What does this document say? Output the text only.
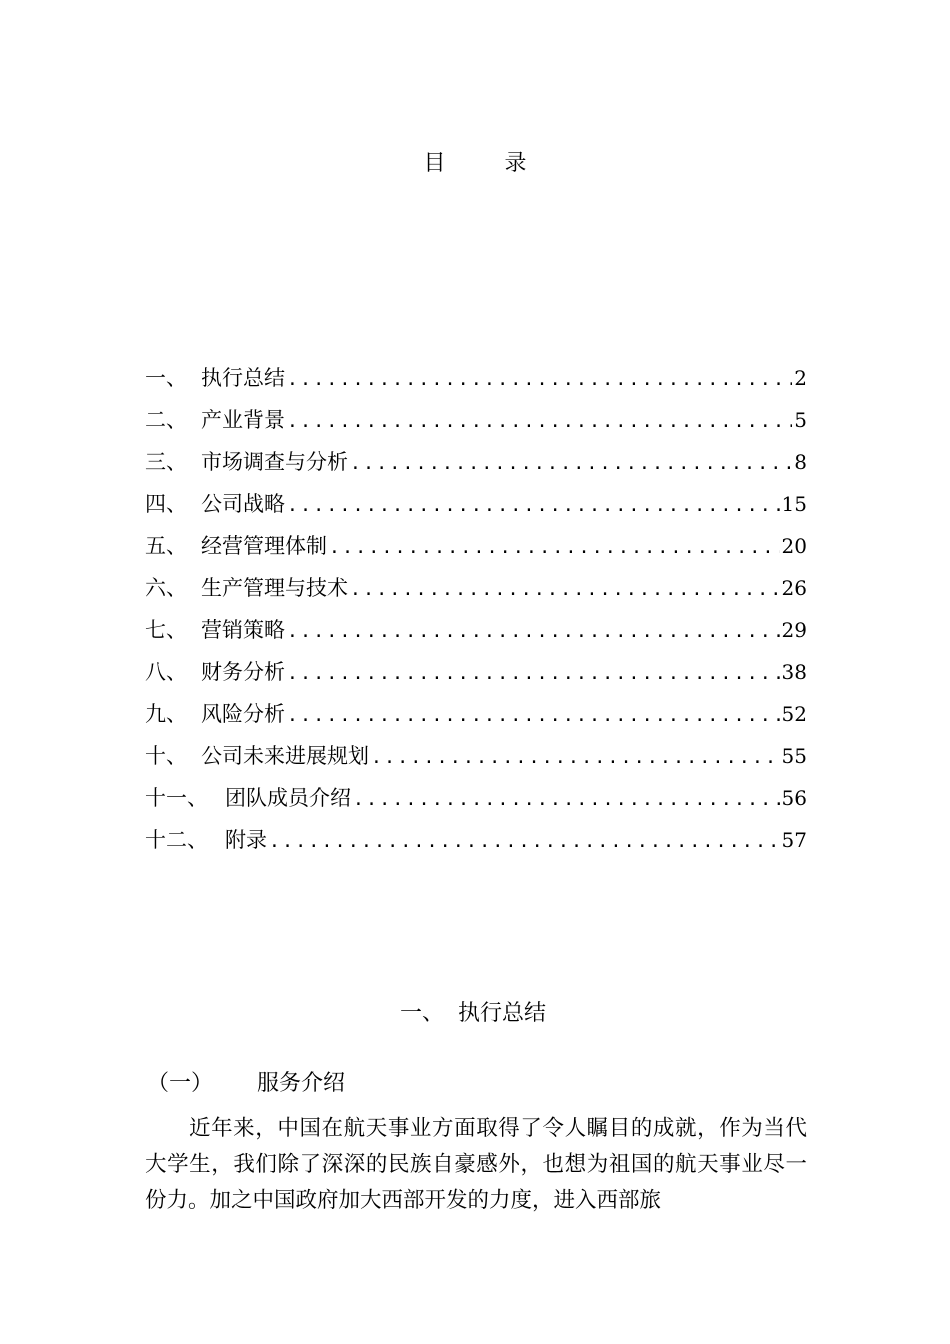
目 录
一、 执行总结 .....	2
二、 产业背景 .....	5
三、 市场调查与分析 .....	8
四、 公司战略 .....	15
五、 经营管理体制 .....	20
六、 生产管理与技术 .....	26
七、 营销策略 .....	29
八、 财务分析 .....	38
九、 风险分析 .....	52
十、 公司未来进展规划 .....	55
十一、 团队成员介绍 .....	56
十二、 附录 .....	57
一、 执行总结
（一） 服务介绍

近年来，中国在航天事业方面取得了令人瞩目的成就，作为当代大学生，我们除了深深的民族自豪感外，也想为祖国的航天事业尽一份力。加之中国政府加大西部开发的力度，进入西部旅
